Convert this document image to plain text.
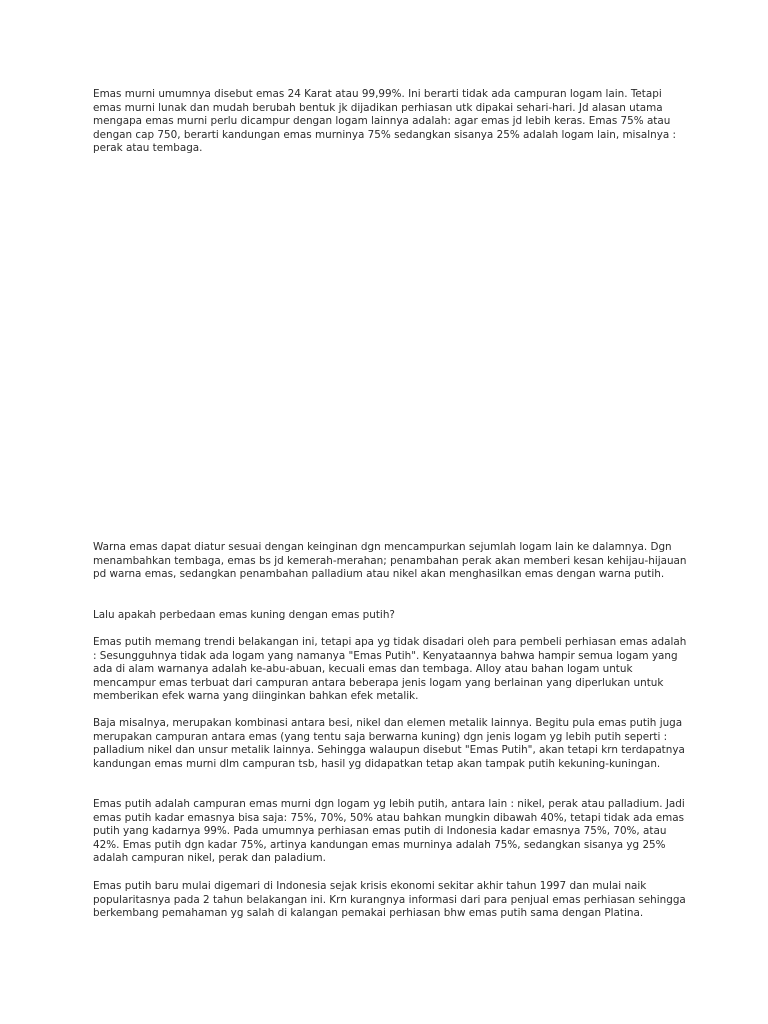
Emas murni umumnya disebut emas 24 Karat atau 99,99%. Ini berarti tidak ada campuran logam lain. Tetapi emas murni lunak dan mudah berubah bentuk jk dijadikan perhiasan utk dipakai sehari-hari. Jd alasan utama mengapa emas murni perlu dicampur dengan logam lainnya adalah: agar emas jd lebih keras. Emas 75% atau dengan cap 750, berarti kandungan emas murninya 75% sedangkan sisanya 25% adalah logam lain, misalnya : perak atau tembaga.

Warna emas dapat diatur sesuai dengan keinginan dgn mencampurkan sejumlah logam lain ke dalamnya. Dgn menambahkan tembaga, emas bs jd kemerah-merahan; penambahan perak akan memberi kesan kehijau-hijauan pd warna emas, sedangkan penambahan palladium atau nikel akan menghasilkan emas dengan warna putih.

Lalu apakah perbedaan emas kuning dengan emas putih?

Emas putih memang trendi belakangan ini, tetapi apa yg tidak disadari oleh para pembeli perhiasan emas adalah : Sesungguhnya tidak ada logam yang namanya "Emas Putih". Kenyataannya bahwa hampir semua logam yang ada di alam warnanya adalah ke-abu-abuan, kecuali emas dan tembaga. Alloy atau bahan logam untuk mencampur emas terbuat dari campuran antara beberapa jenis logam yang berlainan yang diperlukan untuk memberikan efek warna yang diinginkan bahkan efek metalik.

Baja misalnya, merupakan kombinasi antara besi, nikel dan elemen metalik lainnya. Begitu pula emas putih juga merupakan campuran antara emas (yang tentu saja berwarna kuning) dgn jenis logam yg lebih putih seperti : palladium nikel dan unsur metalik lainnya. Sehingga walaupun disebut "Emas Putih", akan tetapi krn terdapatnya kandungan emas murni dlm campuran tsb, hasil yg didapatkan tetap akan tampak putih kekuning-kuningan.

Emas putih adalah campuran emas murni dgn logam yg lebih putih, antara lain : nikel, perak atau palladium. Jadi emas putih kadar emasnya bisa saja: 75%, 70%, 50% atau bahkan mungkin dibawah 40%, tetapi tidak ada emas putih yang kadarnya 99%. Pada umumnya perhiasan emas putih di Indonesia kadar emasnya 75%, 70%, atau 42%. Emas putih dgn kadar 75%, artinya kandungan emas murninya adalah 75%, sedangkan sisanya yg 25% adalah campuran nikel, perak dan paladium.

Emas putih baru mulai digemari di Indonesia sejak krisis ekonomi sekitar akhir tahun 1997 dan mulai naik popularitasnya pada 2 tahun belakangan ini. Krn kurangnya informasi dari para penjual emas perhiasan sehingga berkembang pemahaman yg salah di kalangan pemakai perhiasan bhw emas putih sama dengan Platina.
